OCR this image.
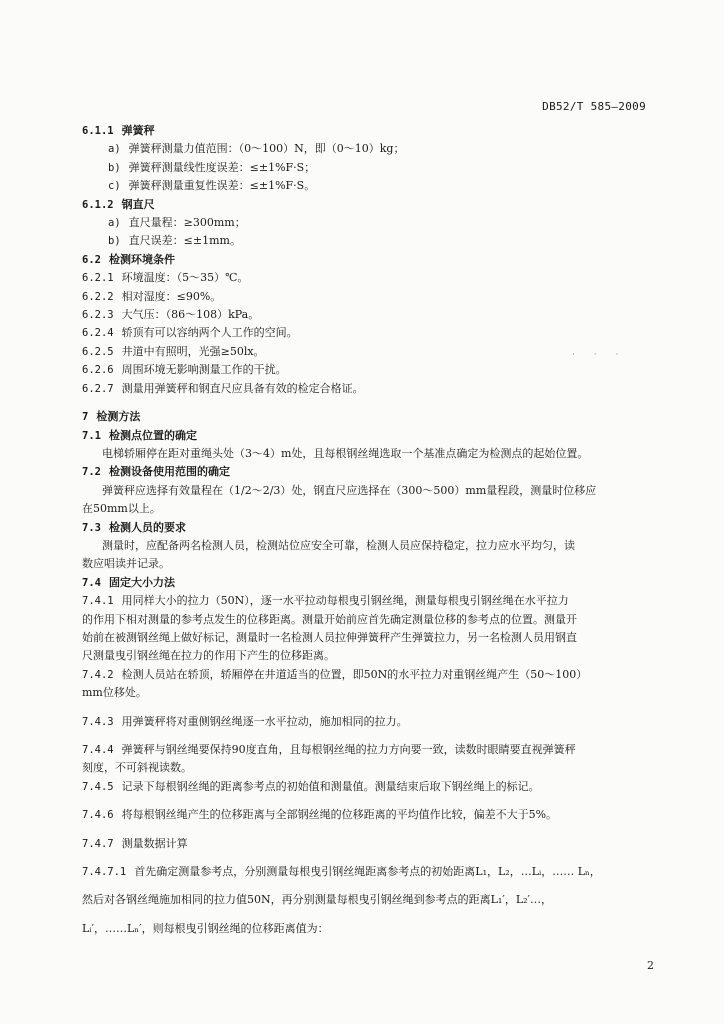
DB52/T 585—2009
· · ·
6.1.1 弹簧秤
a) 弹簧秤测量力值范围：（0～100）N，即（0～10）kg；
b) 弹簧秤测量线性度误差：≤±1%F·S；
c) 弹簧秤测量重复性误差：≤±1%F·S。
6.1.2 钢直尺
a) 直尺量程：≥300mm；
b) 直尺误差：≤±1mm。
6.2 检测环境条件
6.2.1 环境温度：（5～35）℃。
6.2.2 相对湿度：≤90%。
6.2.3 大气压：（86～108）kPa。
6.2.4 轿顶有可以容纳两个人工作的空间。
6.2.5 井道中有照明，光强≥50lx。
6.2.6 周围环境无影响测量工作的干扰。
6.2.7 测量用弹簧秤和钢直尺应具备有效的检定合格证。
7 检测方法
7.1 检测点位置的确定
电梯轿厢停在距对重绳头处（3～4）m处，且每根钢丝绳选取一个基准点确定为检测点的起始位置。
7.2 检测设备使用范围的确定
弹簧秤应选择有效量程在（1/2～2/3）处，钢直尺应选择在（300～500）mm量程段，测量时位移应
在50mm以上。
7.3 检测人员的要求
测量时，应配备两名检测人员，检测站位应安全可靠，检测人员应保持稳定，拉力应水平均匀，读
数应唱读并记录。
7.4 固定大小力法
7.4.1 用同样大小的拉力（50N），逐一水平拉动每根曳引钢丝绳，测量每根曳引钢丝绳在水平拉力
的作用下相对测量的参考点发生的位移距离。测量开始前应首先确定测量位移的参考点的位置。测量开
始前在被测钢丝绳上做好标记，测量时一名检测人员拉伸弹簧秤产生弹簧拉力，另一名检测人员用钢直
尺测量曳引钢丝绳在拉力的作用下产生的位移距离。
7.4.2 检测人员站在轿顶，轿厢停在井道适当的位置，即50N的水平拉力对重钢丝绳产生（50～100）
mm位移处。
7.4.3 用弹簧秤将对重侧钢丝绳逐一水平拉动，施加相同的拉力。
7.4.4 弹簧秤与钢丝绳要保持90度直角，且每根钢丝绳的拉力方向要一致，读数时眼睛要直视弹簧秤
刻度，不可斜视读数。
7.4.5 记录下每根钢丝绳的距离参考点的初始值和测量值。测量结束后取下钢丝绳上的标记。
7.4.6 将每根钢丝绳产生的位移距离与全部钢丝绳的位移距离的平均值作比较，偏差不大于5%。
7.4.7 测量数据计算
7.4.7.1 首先确定测量参考点，分别测量每根曳引钢丝绳距离参考点的初始距离L₁，L₂，…Lᵢ，…… Lₙ，
然后对各钢丝绳施加相同的拉力值50N，再分别测量每根曳引钢丝绳到参考点的距离L₁′，L₂′…，
Lᵢ′，……Lₙ′，则每根曳引钢丝绳的位移距离值为：
2
